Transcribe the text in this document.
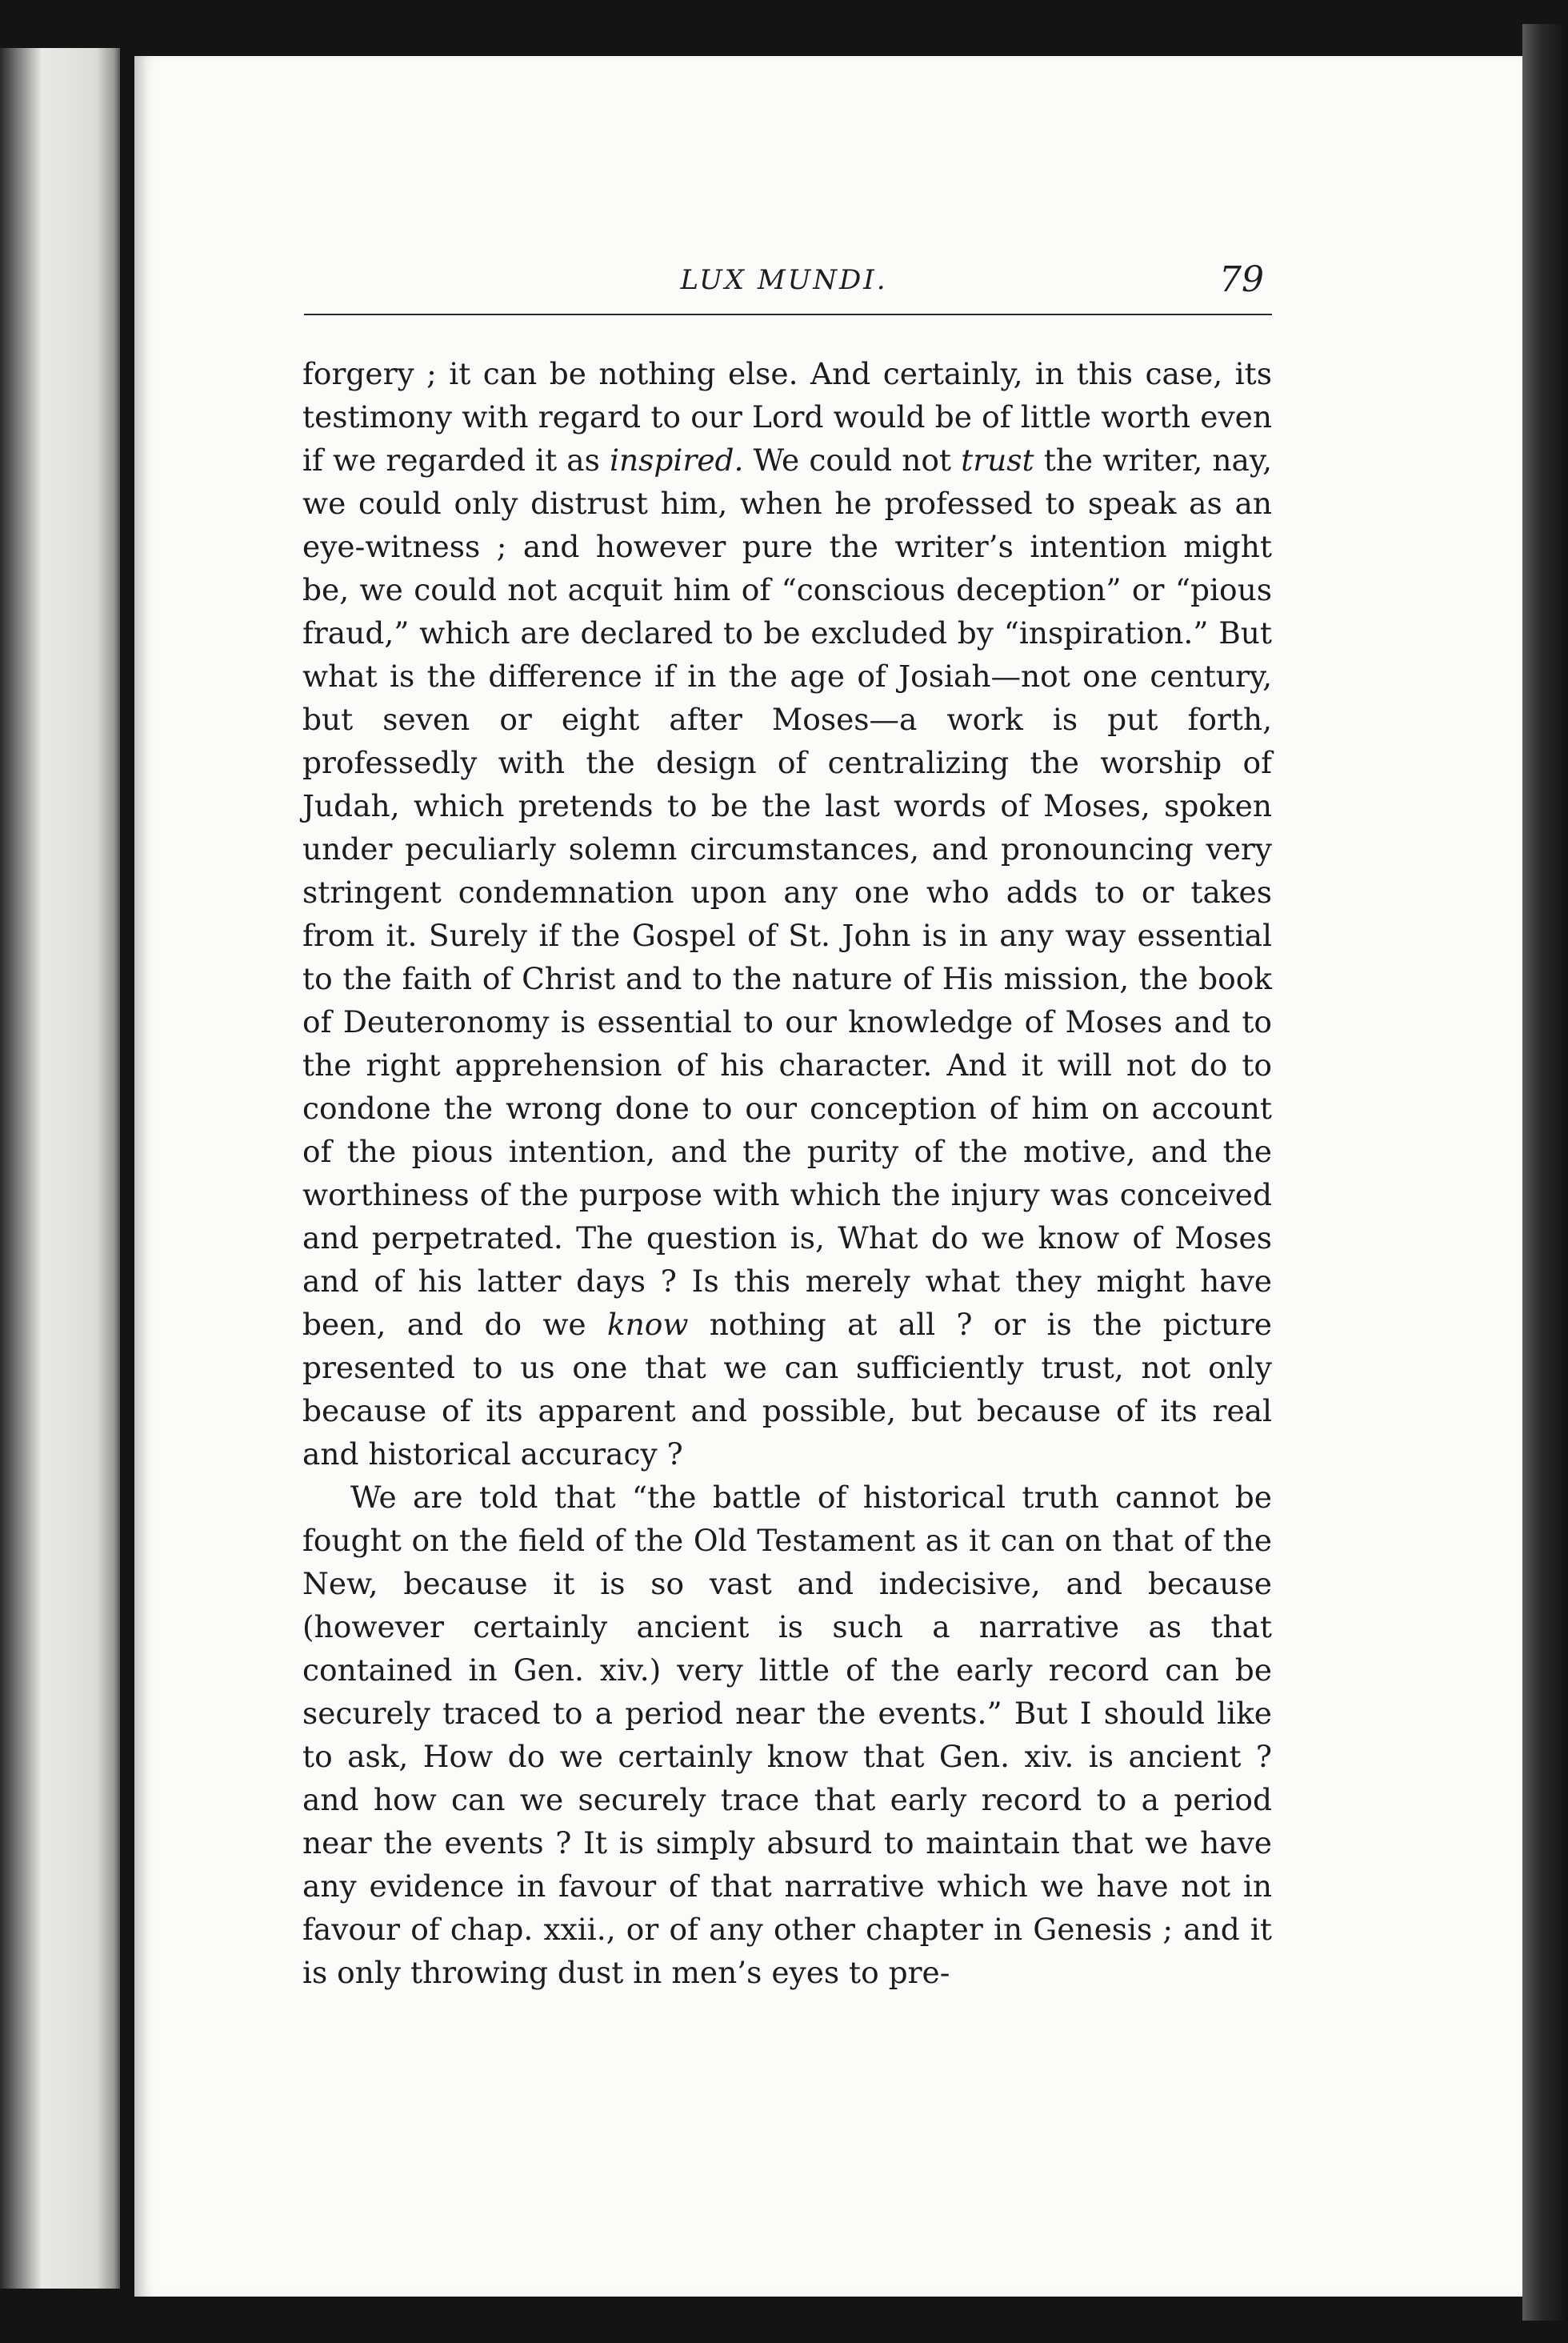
LUX MUNDI.	79

forgery ; it can be nothing else. And certainly, in this case, its testimony with regard to our Lord would be of little worth even if we regarded it as inspired. We could not trust the writer, nay, we could only distrust him, when he professed to speak as an eye-witness ; and however pure the writer’s intention might be, we could not acquit him of “conscious deception” or “pious fraud,” which are declared to be excluded by “inspiration.” But what is the difference if in the age of Josiah—not one century, but seven or eight after Moses—a work is put forth, professedly with the design of centralizing the worship of Judah, which pretends to be the last words of Moses, spoken under peculiarly solemn circumstances, and pronouncing very stringent condemnation upon any one who adds to or takes from it. Surely if the Gospel of St. John is in any way essential to the faith of Christ and to the nature of His mission, the book of Deuteronomy is essential to our knowledge of Moses and to the right apprehension of his character. And it will not do to condone the wrong done to our conception of him on account of the pious intention, and the purity of the motive, and the worthiness of the purpose with which the injury was conceived and perpetrated. The question is, What do we know of Moses and of his latter days ? Is this merely what they might have been, and do we know nothing at all ? or is the picture presented to us one that we can sufficiently trust, not only because of its apparent and possible, but because of its real and historical accuracy ?

We are told that “the battle of historical truth cannot be fought on the field of the Old Testament as it can on that of the New, because it is so vast and indecisive, and because (however certainly ancient is such a narrative as that contained in Gen. xiv.) very little of the early record can be securely traced to a period near the events.” But I should like to ask, How do we certainly know that Gen. xiv. is ancient ? and how can we securely trace that early record to a period near the events ? It is simply absurd to maintain that we have any evidence in favour of that narrative which we have not in favour of chap. xxii., or of any other chapter in Genesis ; and it is only throwing dust in men’s eyes to pre-
